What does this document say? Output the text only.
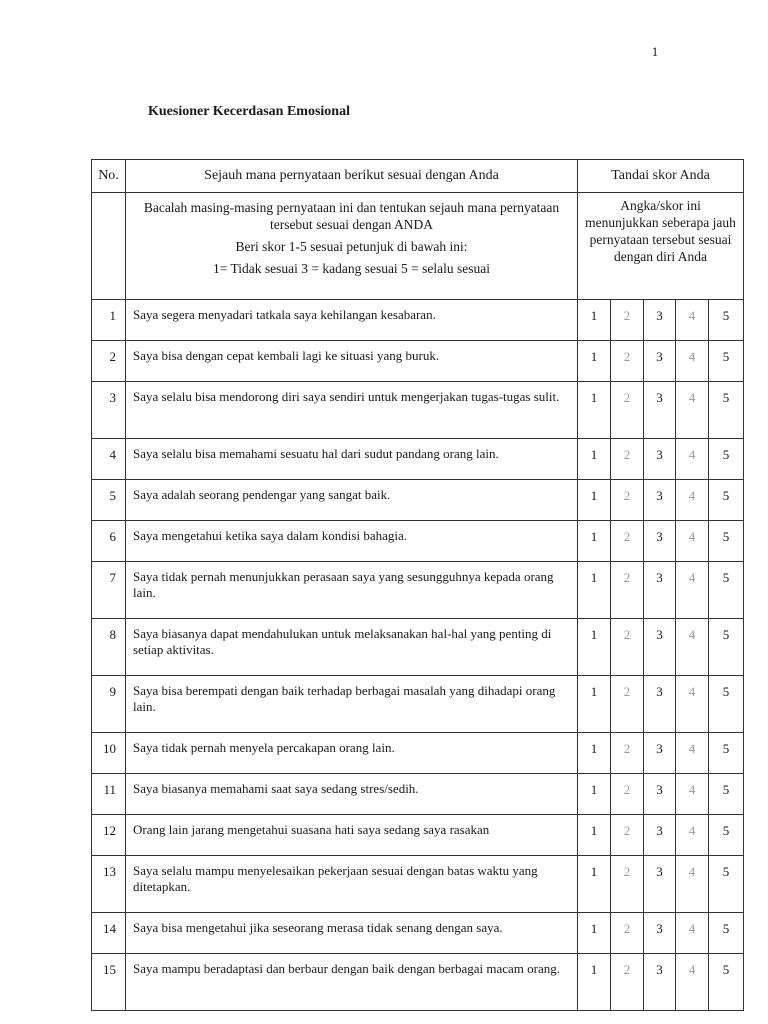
1
Kuesioner Kecerdasan Emosional
No.	Sejauh mana pernyataan berikut sesuai dengan Anda	Tandai skor Anda				

	Bacalah masing-masing pernyataan ini dan tentukan sejauh mana pernyataan tersebut sesuai dengan ANDA

Beri skor 1-5 sesuai petunjuk di bawah ini:

1= Tidak sesuai 3 = kadang sesuai 5 = selalu sesuai	Angka/skor ini menunjukkan seberapa jauh pernyataan tersebut sesuai dengan diri Anda				
1	Saya segera menyadari tatkala saya kehilangan kesabaran.	1	2	3	4	5
2	Saya bisa dengan cepat kembali lagi ke situasi yang buruk.	1	2	3	4	5
3	Saya selalu bisa mendorong diri saya sendiri untuk mengerjakan tugas-tugas sulit.	1	2	3	4	5
4	Saya selalu bisa memahami sesuatu hal dari sudut pandang orang lain.	1	2	3	4	5
5	Saya adalah seorang pendengar yang sangat baik.	1	2	3	4	5
6	Saya mengetahui ketika saya dalam kondisi bahagia.	1	2	3	4	5
7	Saya tidak pernah menunjukkan perasaan saya yang sesungguhnya kepada orang lain.	1	2	3	4	5
8	Saya biasanya dapat mendahulukan untuk melaksanakan hal-hal yang penting di setiap aktivitas.	1	2	3	4	5
9	Saya bisa berempati dengan baik terhadap berbagai masalah yang dihadapi orang lain.	1	2	3	4	5
10	Saya tidak pernah menyela percakapan orang lain.	1	2	3	4	5
11	Saya biasanya memahami saat saya sedang stres/sedih.	1	2	3	4	5
12	Orang lain jarang mengetahui suasana hati saya sedang saya rasakan	1	2	3	4	5
13	Saya selalu mampu menyelesaikan pekerjaan sesuai dengan batas waktu yang ditetapkan.	1	2	3	4	5
14	Saya bisa mengetahui jika seseorang merasa tidak senang dengan saya.	1	2	3	4	5
15	Saya mampu beradaptasi dan berbaur dengan baik dengan berbagai macam orang.	1	2	3	4	5
